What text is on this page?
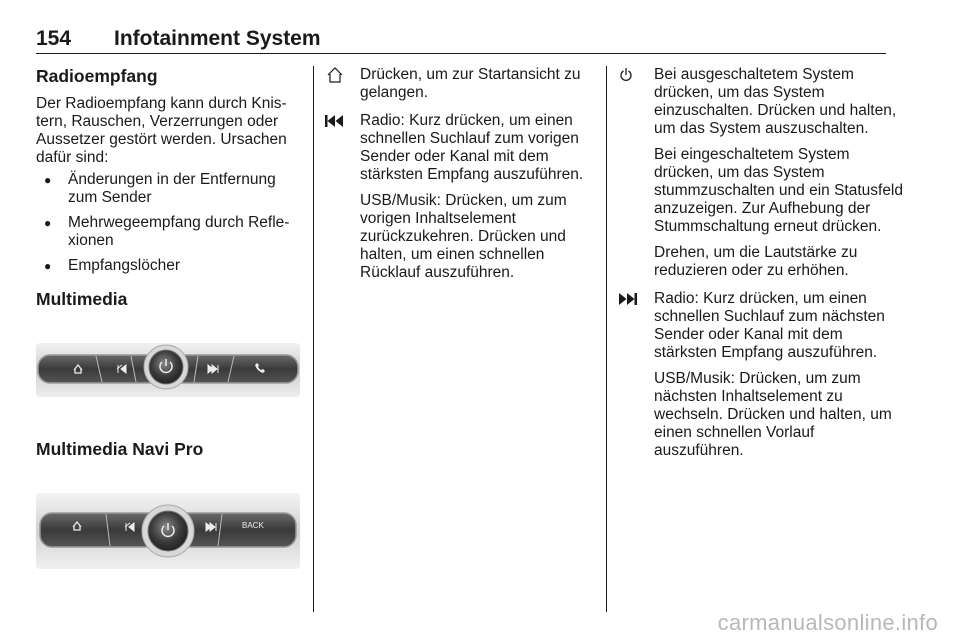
154 Infotainment System
Radioempfang

Der Radioempfang kann durch Knis-tern, Rauschen, Verzerrungen oder Aussetzer gestört werden. Ursachen dafür sind:

● Änderungen in der Entfernung zum Sender
● Mehrwegeempfang durch Refle-xionen
● Empfangslöcher
Multimedia
Multimedia Navi Pro
BACK

Drücken, um zur Startansicht zu gelangen.

Radio: Kurz drücken, um einen schnellen Suchlauf zum vorigen Sender oder Kanal mit dem stärksten Empfang auszuführen.

USB/Musik: Drücken, um zum vorigen Inhaltselement zurückzukehren. Drücken und halten, um einen schnellen Rücklauf auszuführen.

Bei ausgeschaltetem System drücken, um das System einzuschalten. Drücken und halten, um das System auszuschalten.

Bei eingeschaltetem System drücken, um das System stummzuschalten und ein Statusfeld anzuzeigen. Zur Aufhebung der Stummschaltung erneut drücken.

Drehen, um die Lautstärke zu reduzieren oder zu erhöhen.

Radio: Kurz drücken, um einen schnellen Suchlauf zum nächsten Sender oder Kanal mit dem stärksten Empfang auszuführen.

USB/Musik: Drücken, um zum nächsten Inhaltselement zu wechseln. Drücken und halten, um einen schnellen Vorlauf auszuführen.

carmanualsonline.info
